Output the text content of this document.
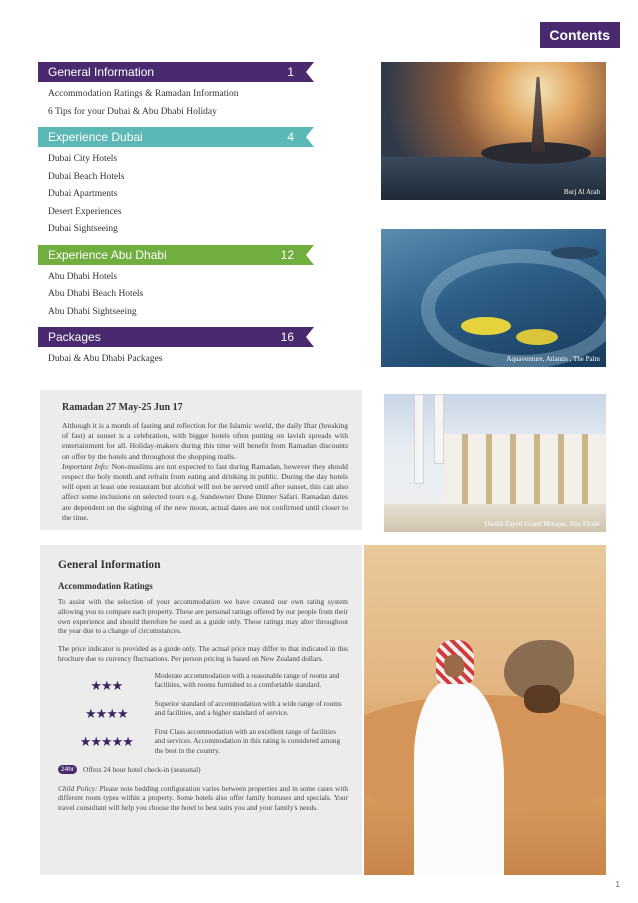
Contents
General Information	1
Accommodation Ratings & Ramadan Information
6 Tips for your Dubai & Abu Dhabi Holiday
Experience Dubai	4
Dubai City Hotels
Dubai Beach Hotels
Dubai Apartments
Desert Experiences
Dubai Sightseeing
Experience Abu Dhabi	12
Abu Dhabi Hotels
Abu Dhabi Beach Hotels
Abu Dhabi Sightseeing
Packages	16
Dubai & Abu Dhabi Packages
Burj Al Arab
Aquaventure, Atlantis , The Palm
Sheikh Zayed Grand Mosque, Abu Dhabi
Ramadan 27 May-25 Jun 17

Although it is a month of fasting and reflection for the Islamic world, the daily Iftar (breaking of fast) at sunset is a celebration, with bigger hotels often putting on lavish spreads with entertainment for all. Holiday-makers during this time will benefit from Ramadan discounts on offer by the hotels and throughout the shopping malls.

Important Info: Non-muslims are not expected to fast during Ramadan, however they should respect the holy month and refrain from eating and drinking in public. During the day hotels will open at least one restaurant but alcohol will not be served until after sunset, this can also affect some inclusions on selected tours e.g. Sundowner Dune Dinner Safari. Ramadan dates are dependent on the sighting of the new moon, actual dates are not confirmed until closer to the time.

General Information
Accommodation Ratings

To assist with the selection of your accommodation we have created our own rating system allowing you to compare each property. These are personal ratings offered by our people from their own experience and should therefore be used as a guide only. These ratings may alter throughout the year due to a change of circumstances.

The price indicator is provided as a guide only. The actual price may differ to that indicated in this brochure due to currency fluctuations. Per person pricing is based on New Zealand dollars.

★★★
Moderate accommodation with a reasonable range of rooms and facilities, with rooms furnished to a comfortable standard.
★★★★
Superior standard of accommodation with a wide range of rooms and facilities, and a higher standard of service.
★★★★★
First Class accommodation with an excellent range of facilities and services. Accommodation in this rating is considered among the best in the country.
24hr	Offers 24 hour hotel check-in (seasonal)

Child Policy: Please note bedding configuration varies between properties and in some cases with different room types within a property. Some hotels also offer family bonuses and specials. Your travel consultant will help you choose the hotel to best suits you and your family's needs.

1
